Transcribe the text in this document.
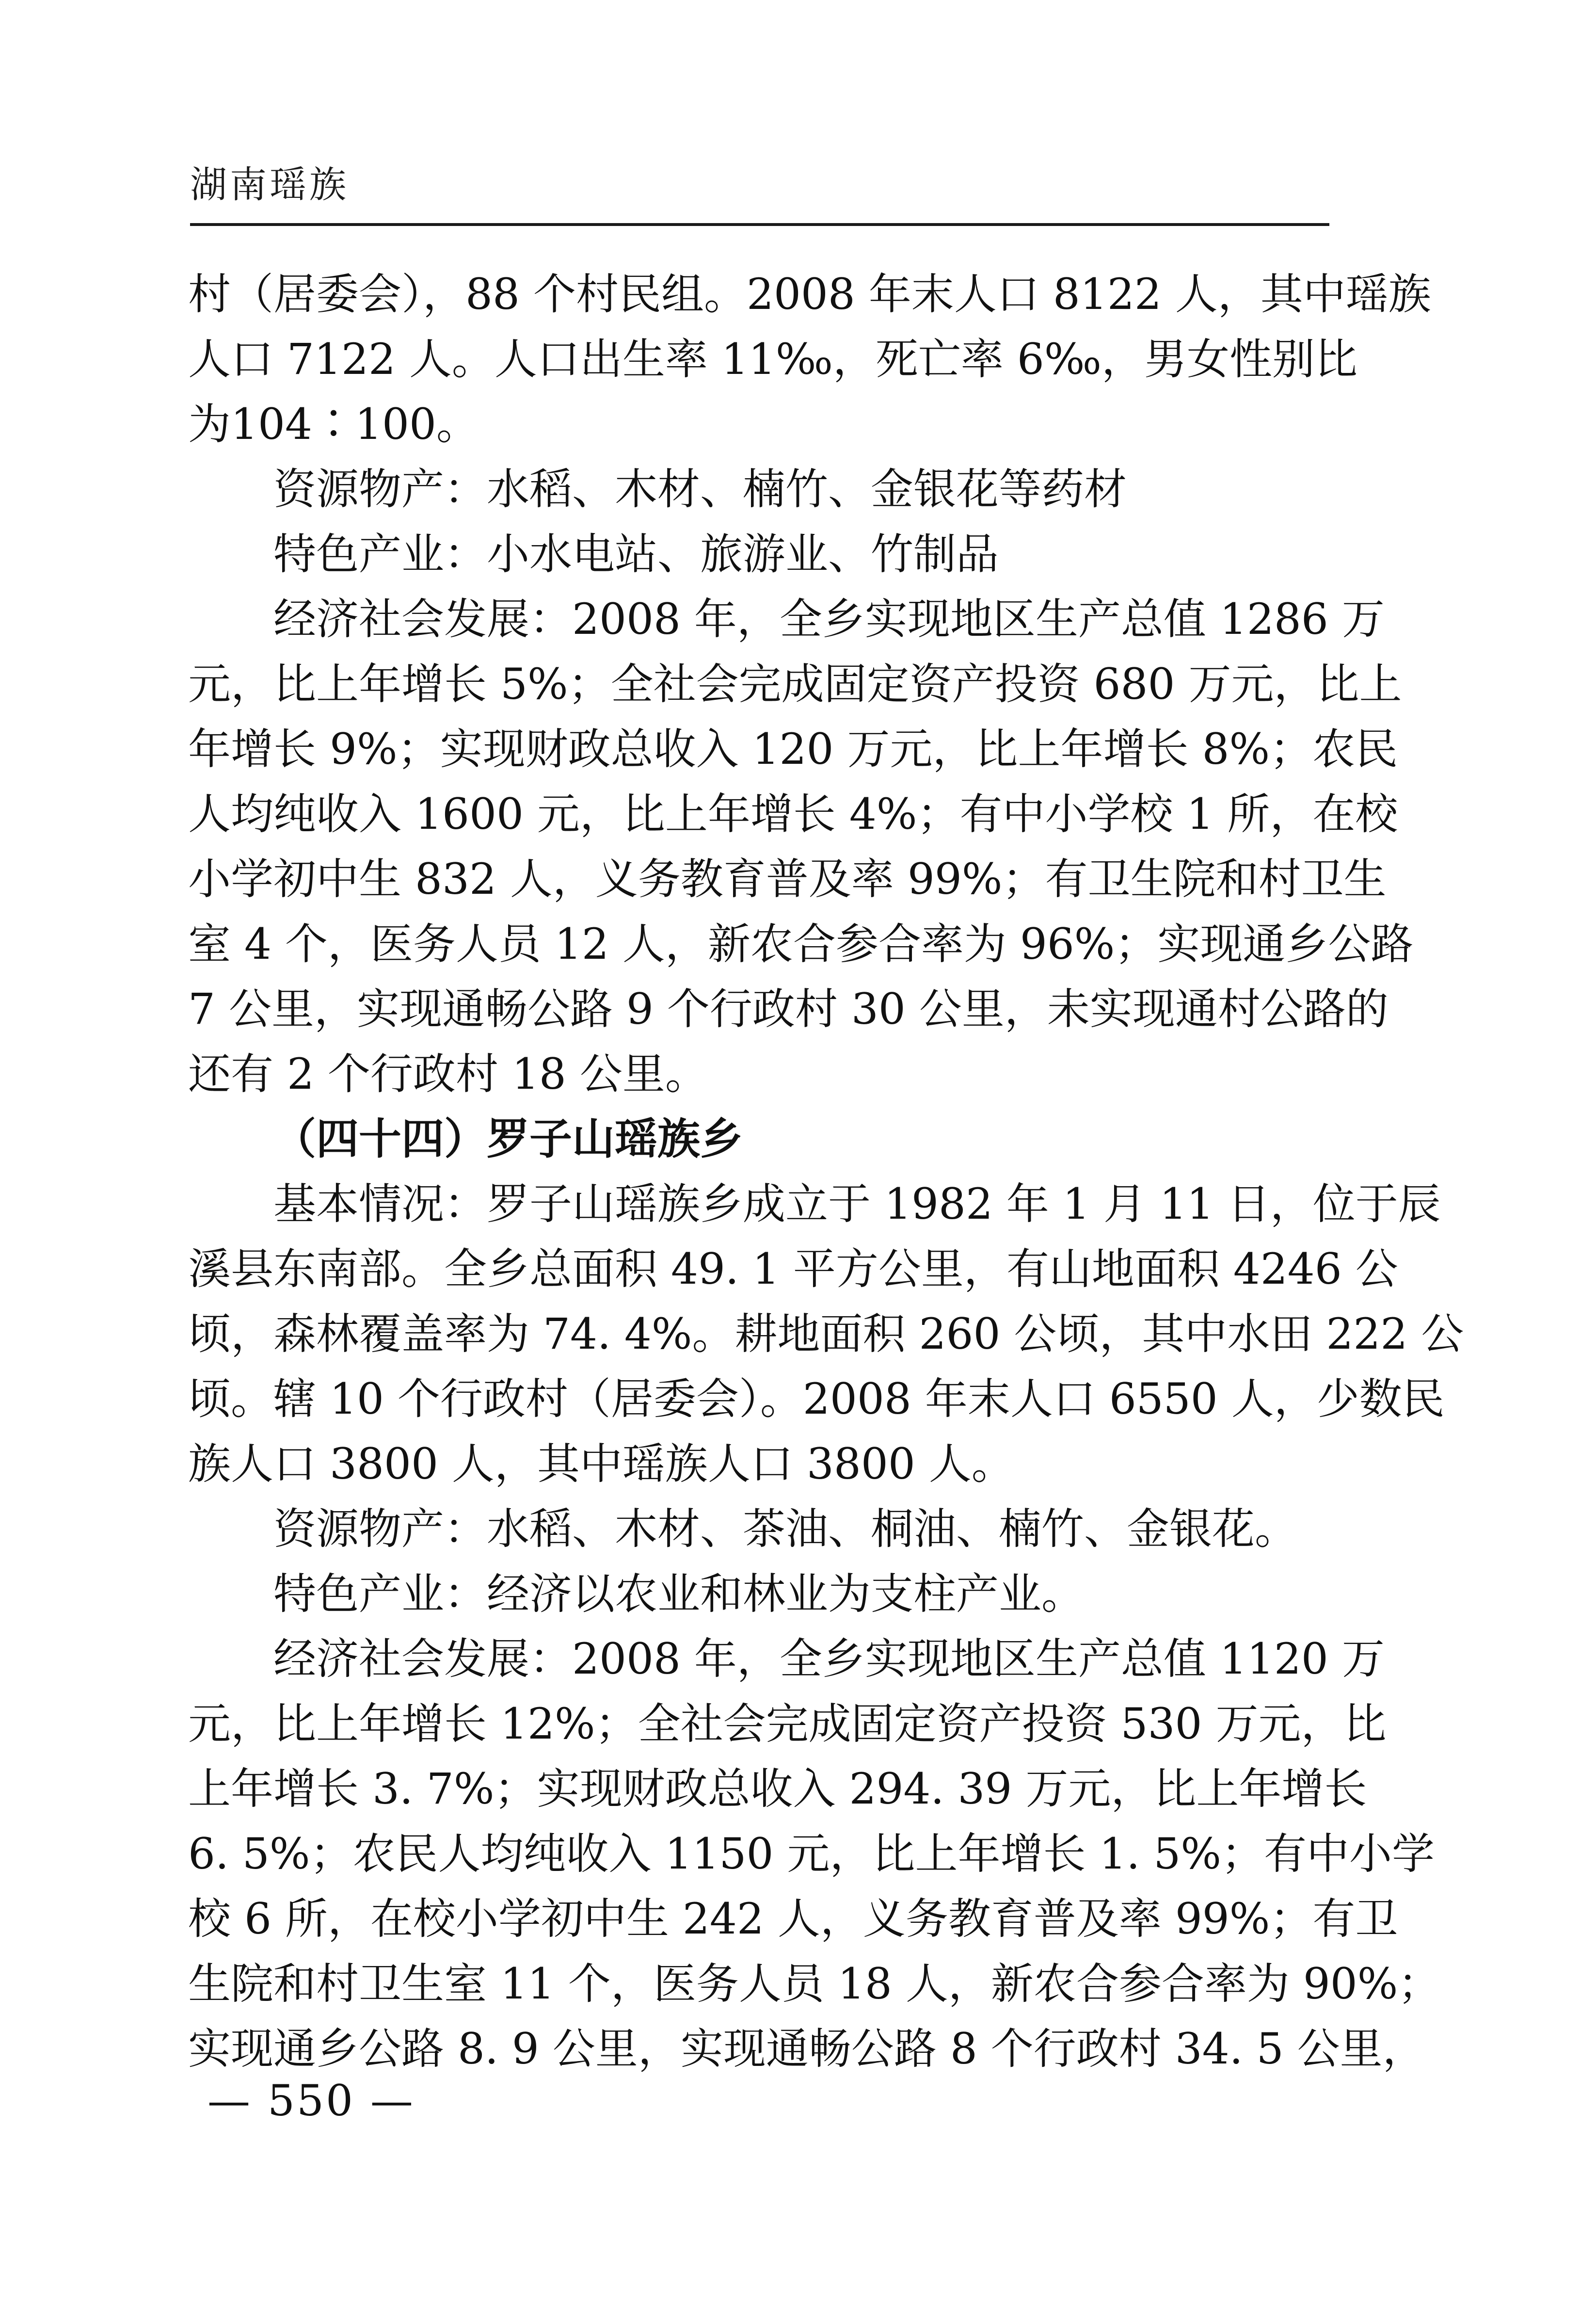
湖南瑶族
村（居委会），88 个村民组。2008 年末人口 8122 人，其中瑶族
人口 7122 人。人口出生率 11‰，死亡率 6‰，男女性别比
为104∶100。
资源物产：水稻、木材、楠竹、金银花等药材
特色产业：小水电站、旅游业、竹制品
经济社会发展：2008 年，全乡实现地区生产总值 1286 万
元，比上年增长 5%；全社会完成固定资产投资 680 万元，比上
年增长 9%；实现财政总收入 120 万元，比上年增长 8%；农民
人均纯收入 1600 元，比上年增长 4%；有中小学校 1 所，在校
小学初中生 832 人，义务教育普及率 99%；有卫生院和村卫生
室 4 个，医务人员 12 人，新农合参合率为 96%；实现通乡公路
7 公里，实现通畅公路 9 个行政村 30 公里，未实现通村公路的
还有 2 个行政村 18 公里。
（四十四）罗子山瑶族乡
基本情况：罗子山瑶族乡成立于 1982 年 1 月 11 日，位于辰
溪县东南部。全乡总面积 49. 1 平方公里，有山地面积 4246 公
顷，森林覆盖率为 74. 4%。耕地面积 260 公顷，其中水田 222 公
顷。辖 10 个行政村（居委会）。2008 年末人口 6550 人，少数民
族人口 3800 人，其中瑶族人口 3800 人。
资源物产：水稻、木材、茶油、桐油、楠竹、金银花。
特色产业：经济以农业和林业为支柱产业。
经济社会发展：2008 年，全乡实现地区生产总值 1120 万
元，比上年增长 12%；全社会完成固定资产投资 530 万元，比
上年增长 3. 7%；实现财政总收入 294. 39 万元，比上年增长
6. 5%；农民人均纯收入 1150 元，比上年增长 1. 5%；有中小学
校 6 所，在校小学初中生 242 人，义务教育普及率 99%；有卫
生院和村卫生室 11 个，医务人员 18 人，新农合参合率为 90%；
实现通乡公路 8. 9 公里，实现通畅公路 8 个行政村 34. 5 公里，
— 550 —
